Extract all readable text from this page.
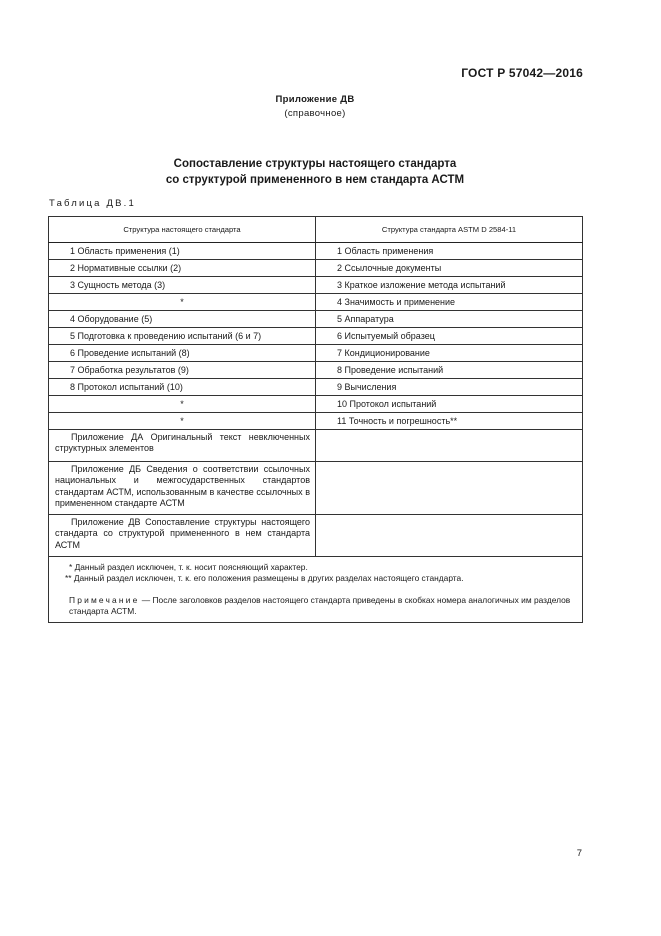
ГОСТ Р 57042—2016
Приложение ДВ
(справочное)
Сопоставление структуры настоящего стандарта
со структурой примененного в нем стандарта АСТМ
Таблица ДВ.1
Структура настоящего стандарта	Структура стандарта ASTM D 2584-11
1 Область применения (1)	1 Область применения
2 Нормативные ссылки (2)	2 Ссылочные документы
3 Сущность метода (3)	3 Краткое изложение метода испытаний
*	4 Значимость и применение
4 Оборудование (5)	5 Аппаратура
5 Подготовка к проведению испытаний (6 и 7)	6 Испытуемый образец
6 Проведение испытаний (8)	7 Кондиционирование
7 Обработка результатов (9)	8 Проведение испытаний
8 Протокол испытаний (10)	9 Вычисления
*	10 Протокол испытаний
*	11 Точность и погрешность**
Приложение ДА Оригинальный текст невключенных структурных элементов	
Приложение ДБ Сведения о соответствии ссылочных национальных и межгосударственных стандартов стандартам АСТМ, использованным в качестве ссылочных в примененном стандарте АСТМ	
Приложение ДВ Сопоставление структуры настоящего стандарта со структурой примененного в нем стандарта АСТМ	

* Данный раздел исключен, т. к. носит поясняющий характер.

** Данный раздел исключен, т. к. его положения размещены в других разделах настоящего стандарта.

Примечание — После заголовков разделов настоящего стандарта приведены в скобках номера аналогичных им разделов стандарта АСТМ.	

7
